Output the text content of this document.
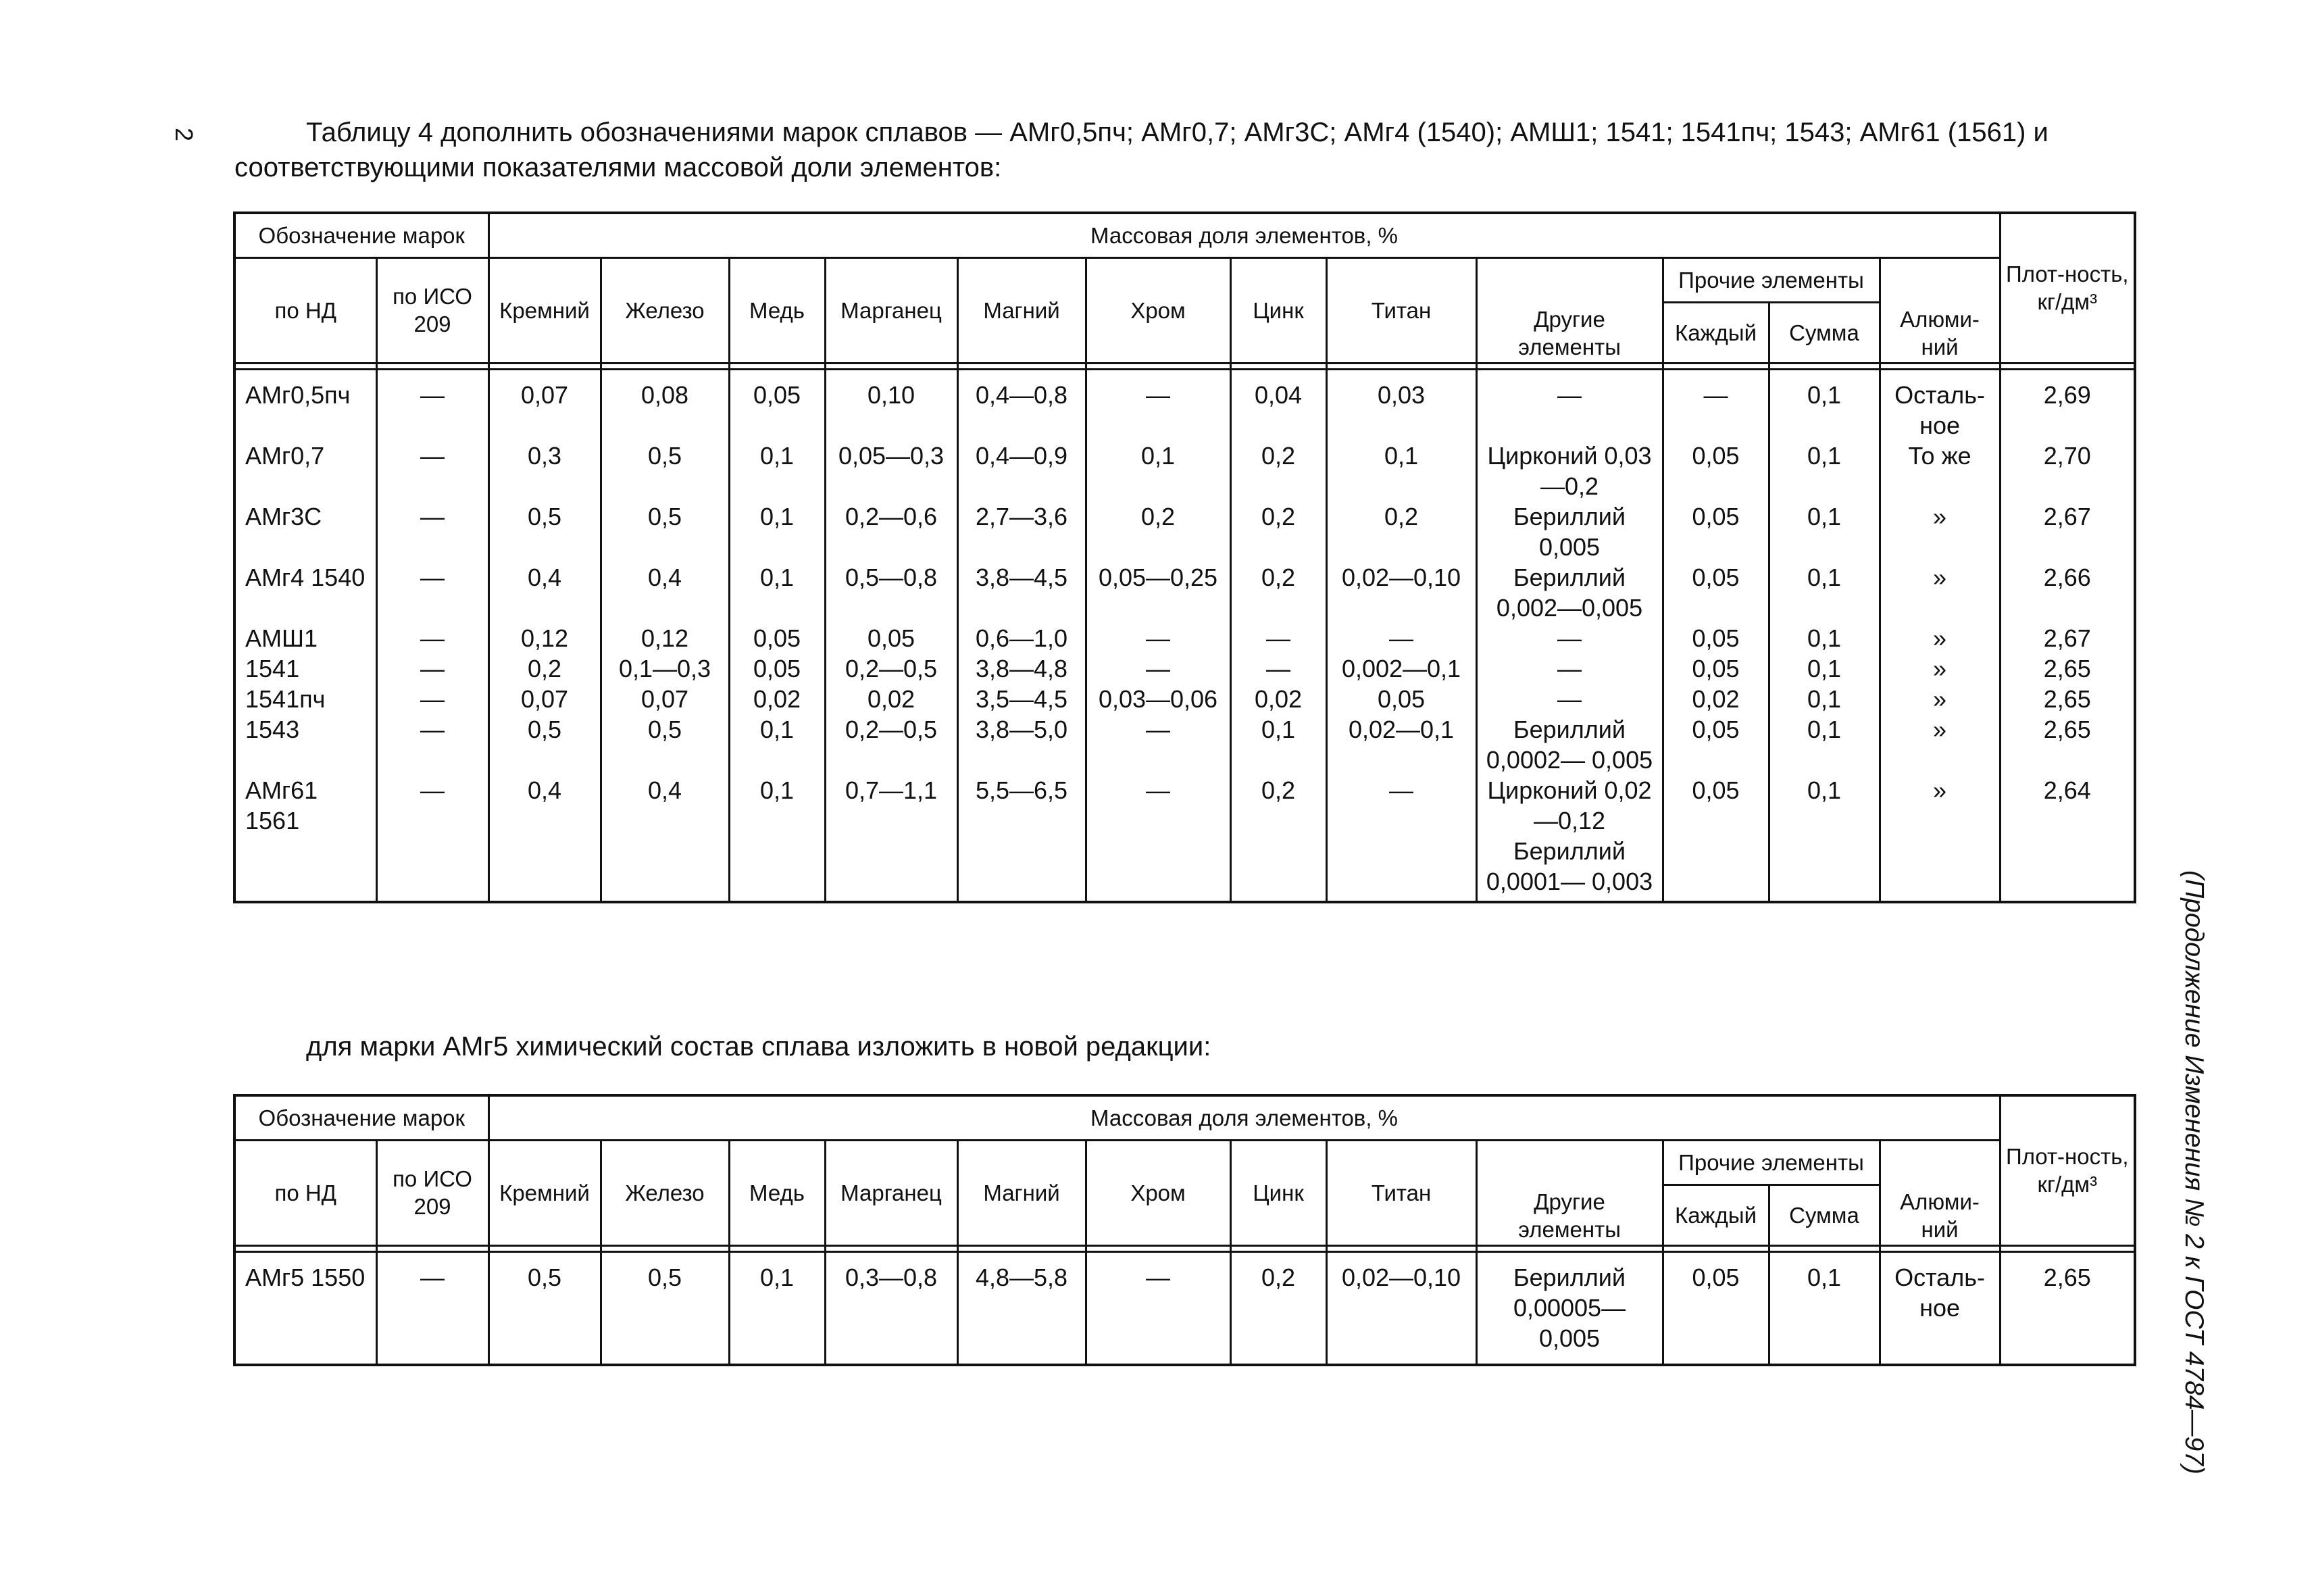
2
(Продолжение Изменения № 2 к ГОСТ 4784—97)
Таблицу 4 дополнить обозначениями марок сплавов — АМг0,5пч; АМг0,7; АМг3С; АМг4 (1540); АМШ1; 1541; 1541пч; 1543; АМг61 (1561) и
соответствующими показателями массовой доли элементов:
Обозначение марок		Массовая доля элементов, %												Плот-ность, кг/дм³
по НД	по ИСО 209	Кремний	Железо	Медь	Марганец	Магний	Хром	Цинк	Титан	Другие элементы	Прочие элементы		Алюми-ний	
											Каждый	Сумма		

АМг0,5пч	—	0,07	0,08	0,05	0,10	0,4—0,8	—	0,04	0,03	—	—	0,1	Осталь-ное	2,69
АМг0,7	—	0,3	0,5	0,1	0,05—0,3	0,4—0,9	0,1	0,2	0,1	Цирконий 0,03—0,2	0,05	0,1	То же	2,70
АМг3С	—	0,5	0,5	0,1	0,2—0,6	2,7—3,6	0,2	0,2	0,2	Бериллий 0,005	0,05	0,1	»	2,67
АМг4 1540	—	0,4	0,4	0,1	0,5—0,8	3,8—4,5	0,05—0,25	0,2	0,02—0,10	Бериллий 0,002—0,005	0,05	0,1	»	2,66
АМШ1	—	0,12	0,12	0,05	0,05	0,6—1,0	—	—	—	—	0,05	0,1	»	2,67
1541	—	0,2	0,1—0,3	0,05	0,2—0,5	3,8—4,8	—	—	0,002—0,1	—	0,05	0,1	»	2,65
1541пч	—	0,07	0,07	0,02	0,02	3,5—4,5	0,03—0,06	0,02	0,05	—	0,02	0,1	»	2,65
1543	—	0,5	0,5	0,1	0,2—0,5	3,8—5,0	—	0,1	0,02—0,1	Бериллий 0,0002— 0,005	0,05	0,1	»	2,65
АМг61 1561	—	0,4	0,4	0,1	0,7—1,1	5,5—6,5	—	0,2	—	Цирконий 0,02—0,12 Бериллий 0,0001— 0,003	0,05	0,1	»	2,64
для марки АМг5 химический состав сплава изложить в новой редакции:
Обозначение марок		Массовая доля элементов, %												Плот-ность, кг/дм³
по НД	по ИСО 209	Кремний	Железо	Медь	Марганец	Магний	Хром	Цинк	Титан	Другие элементы	Прочие элементы		Алюми-ний	
											Каждый	Сумма		

АМг5 1550	—	0,5	0,5	0,1	0,3—0,8	4,8—5,8	—	0,2	0,02—0,10	Бериллий 0,00005— 0,005	0,05	0,1	Осталь-ное	2,65
